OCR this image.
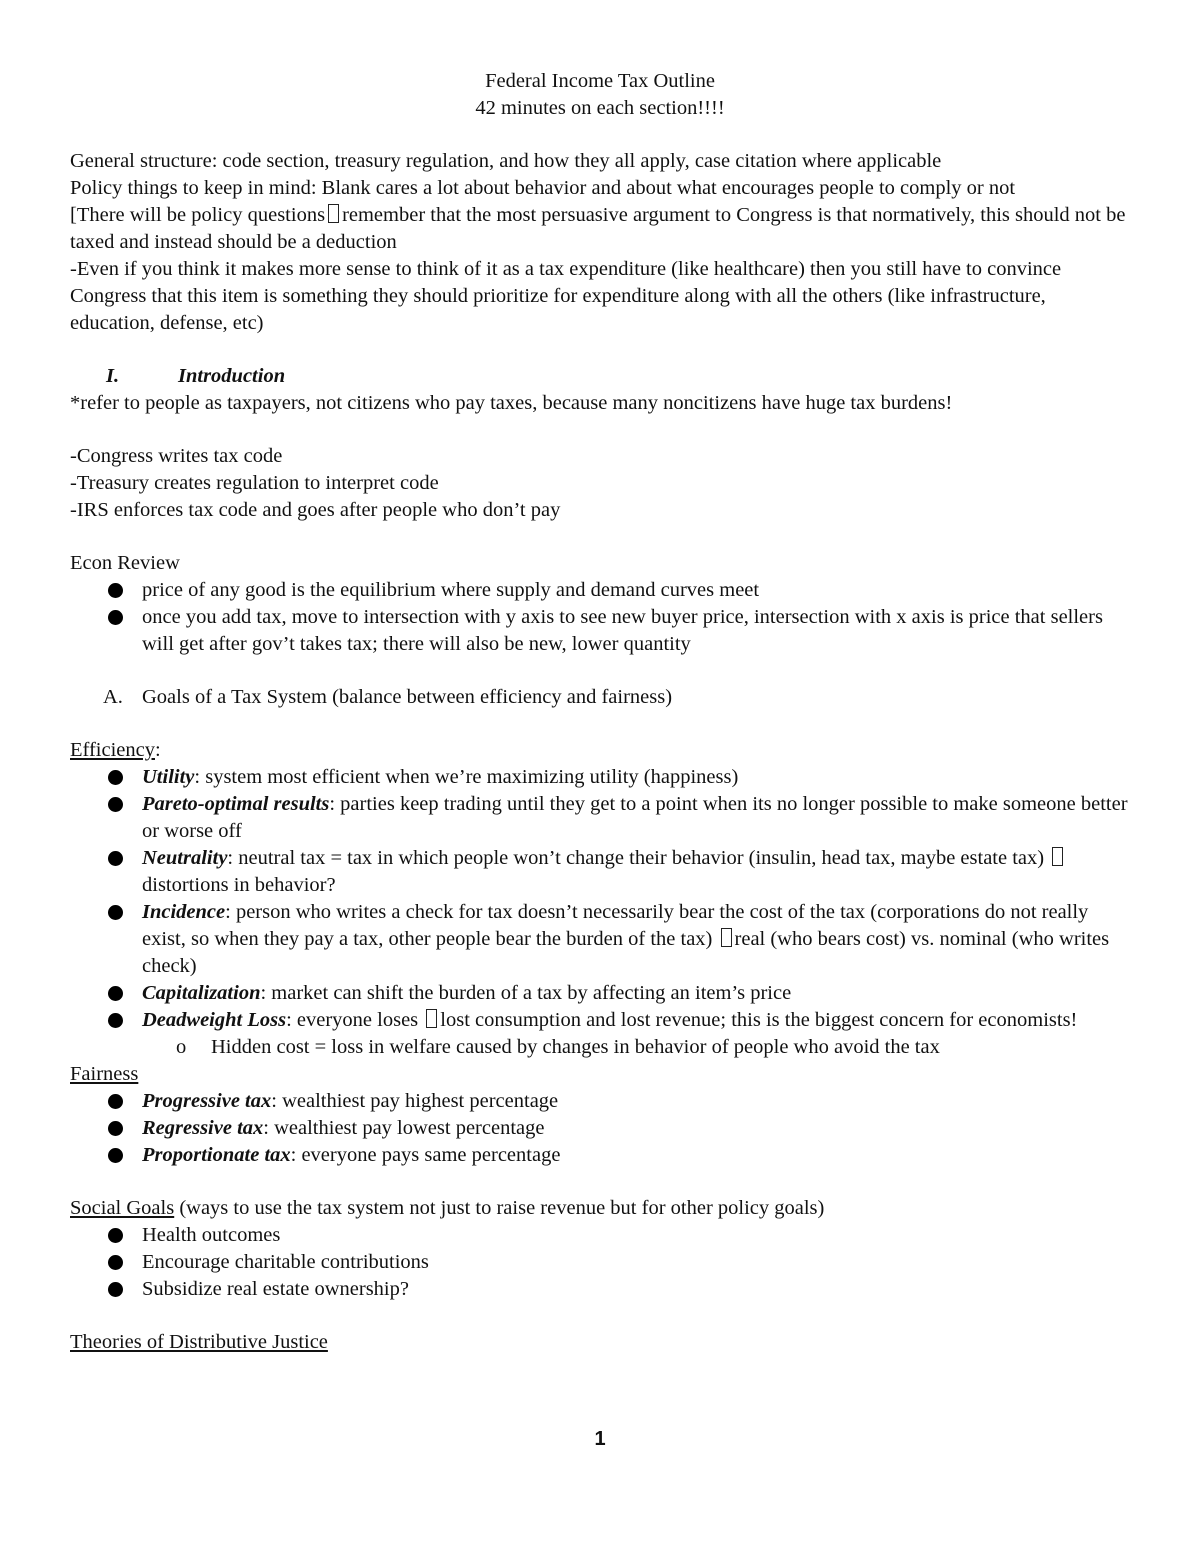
Federal Income Tax Outline

42 minutes on each section!!!!

General structure: code section, treasury regulation, and how they all apply, case citation where applicable

Policy things to keep in mind: Blank cares a lot about behavior and about what encourages people to comply or not

[There will be policy questions remember that the most persuasive argument to Congress is that normatively, this should not be taxed and instead should be a deduction

-Even if you think it makes more sense to think of it as a tax expenditure (like healthcare) then you still have to convince Congress that this item is something they should prioritize for expenditure along with all the others (like infrastructure, education, defense, etc)

I.	Introduction

*refer to people as taxpayers, not citizens who pay taxes, because many noncitizens have huge tax burdens!

-Congress writes tax code

-Treasury creates regulation to interpret code

-IRS enforces tax code and goes after people who don’t pay

Econ Review

price of any good is the equilibrium where supply and demand curves meet
once you add tax, move to intersection with y axis to see new buyer price, intersection with x axis is price that sellers will get after gov’t takes tax; there will also be new, lower quantity

A. Goals of a Tax System (balance between efficiency and fairness)

Efficiency:

Utility: system most efficient when we’re maximizing utility (happiness)
Pareto-optimal results: parties keep trading until they get to a point when its no longer possible to make someone better or worse off
Neutrality: neutral tax = tax in which people won’t change their behavior (insulin, head tax, maybe estate tax) distortions in behavior?
Incidence: person who writes a check for tax doesn’t necessarily bear the cost of the tax (corporations do not really exist, so when they pay a tax, other people bear the burden of the tax) real (who bears cost) vs. nominal (who writes check)
Capitalization: market can shift the burden of a tax by affecting an item’s price
Deadweight Loss: everyone loses lost consumption and lost revenue; this is the biggest concern for economists!

o Hidden cost = loss in welfare caused by changes in behavior of people who avoid the tax

Fairness

Progressive tax: wealthiest pay highest percentage
Regressive tax: wealthiest pay lowest percentage
Proportionate tax: everyone pays same percentage

Social Goals (ways to use the tax system not just to raise revenue but for other policy goals)

Health outcomes
Encourage charitable contributions
Subsidize real estate ownership?

Theories of Distributive Justice

1
